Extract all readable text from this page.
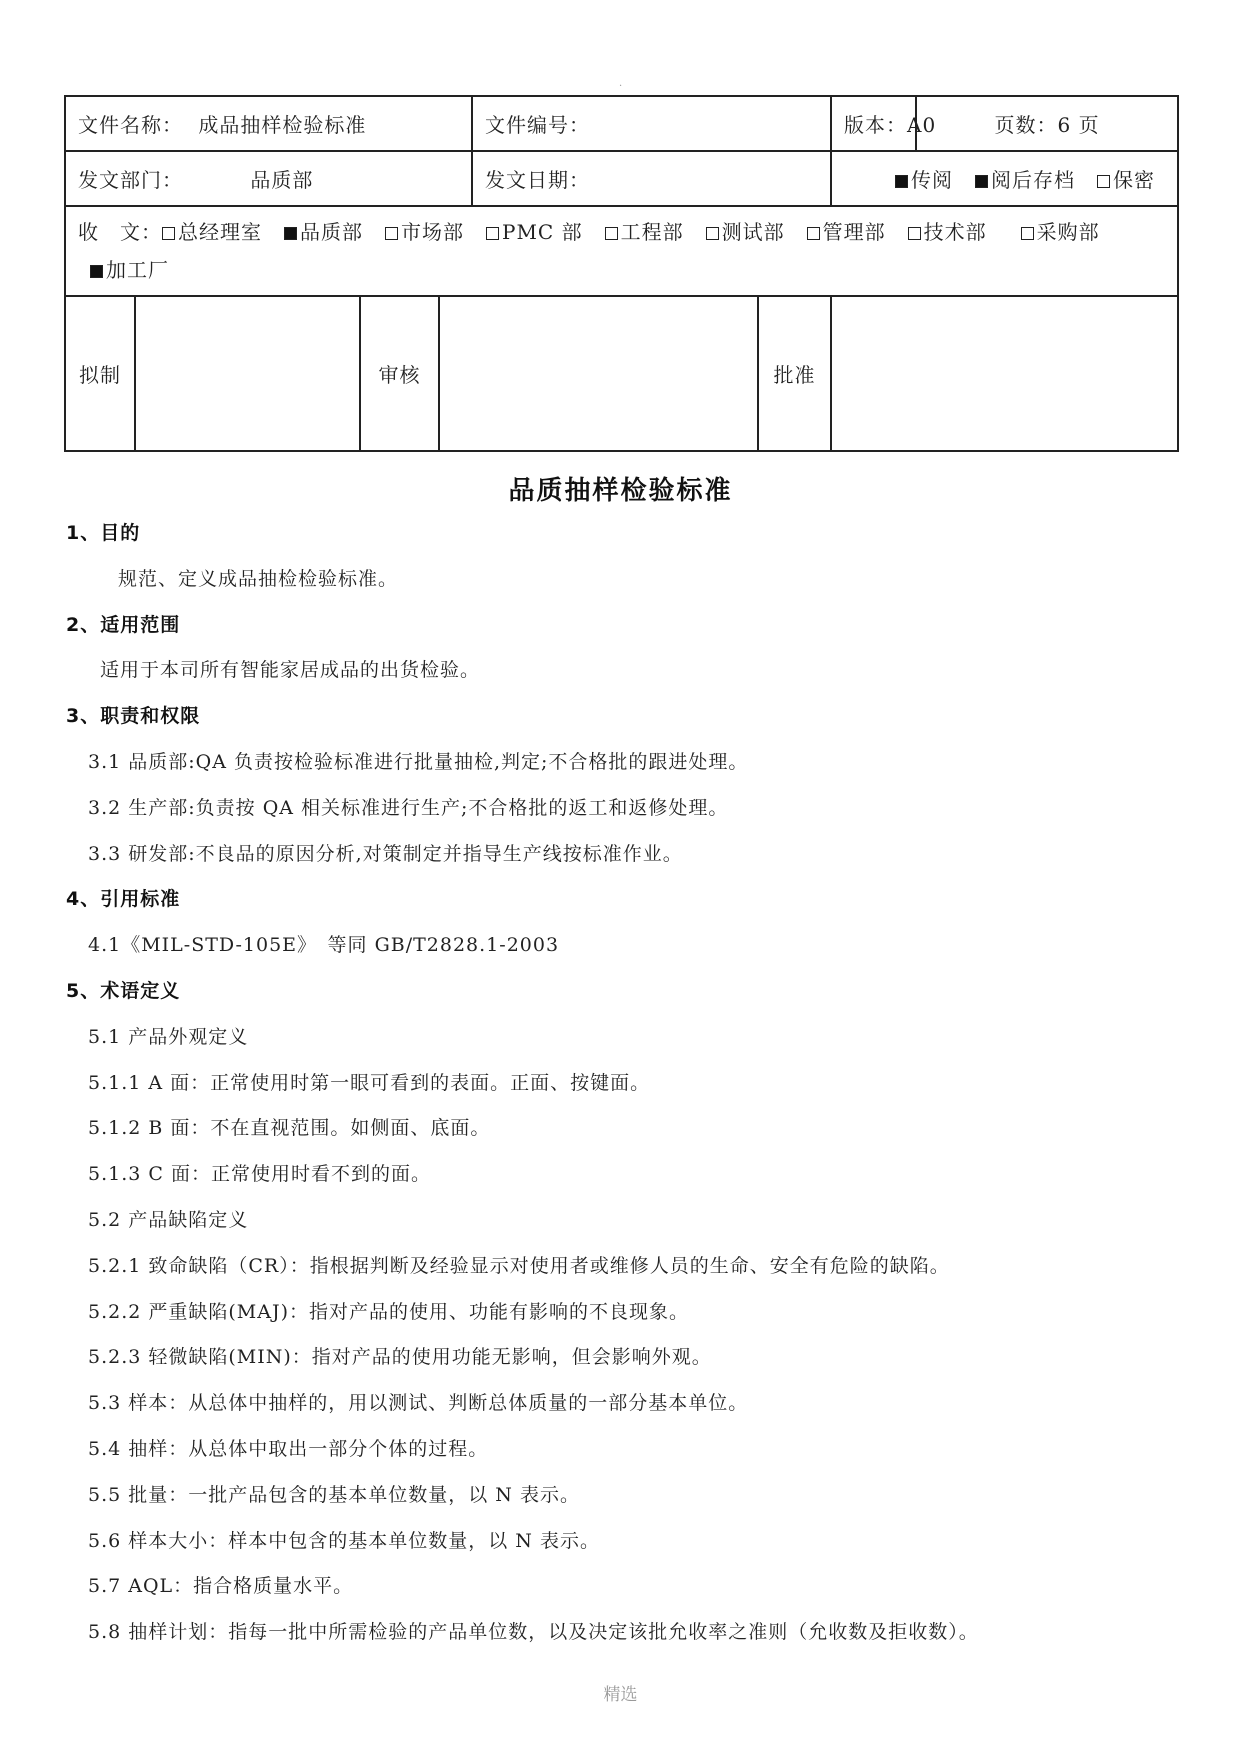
.
文件名称： 成品抽样检验标准				文件编号：		版本：A0	页数：6 页
发文部门： 品质部				发文日期：		传阅 阅后存档 保密	
收　文： 总经理室 品质部 市场部 PMC 部 工程部 测试部 管理部 技术部 采购部
加工厂							
拟制		审核			批准		
品质抽样检验标准
1、目的
规范、定义成品抽检检验标准。
2、适用范围
适用于本司所有智能家居成品的出货检验。
3、职责和权限
3.1 品质部:QA 负责按检验标准进行批量抽检,判定;不合格批的跟进处理。
3.2 生产部:负责按 QA 相关标准进行生产;不合格批的返工和返修处理。
3.3 研发部:不良品的原因分析,对策制定并指导生产线按标准作业。
4、引用标准
4.1《MIL-STD-105E》　等同 GB/T2828.1-2003
5、术语定义
5.1 产品外观定义
5.1.1 A 面：正常使用时第一眼可看到的表面。正面、按键面。
5.1.2 B 面：不在直视范围。如侧面、底面。
5.1.3 C 面：正常使用时看不到的面。
5.2 产品缺陷定义
5.2.1 致命缺陷（CR）：指根据判断及经验显示对使用者或维修人员的生命、安全有危险的缺陷。
5.2.2 严重缺陷(MAJ)：指对产品的使用、功能有影响的不良现象。
5.2.3 轻微缺陷(MIN)：指对产品的使用功能无影响，但会影响外观。
5.3 样本：从总体中抽样的，用以测试、判断总体质量的一部分基本单位。
5.4 抽样：从总体中取出一部分个体的过程。
5.5 批量：一批产品包含的基本单位数量，以 N 表示。
5.6 样本大小：样本中包含的基本单位数量，以 N 表示。
5.7 AQL：指合格质量水平。
5.8 抽样计划：指每一批中所需检验的产品单位数，以及决定该批允收率之准则（允收数及拒收数）。
精选
